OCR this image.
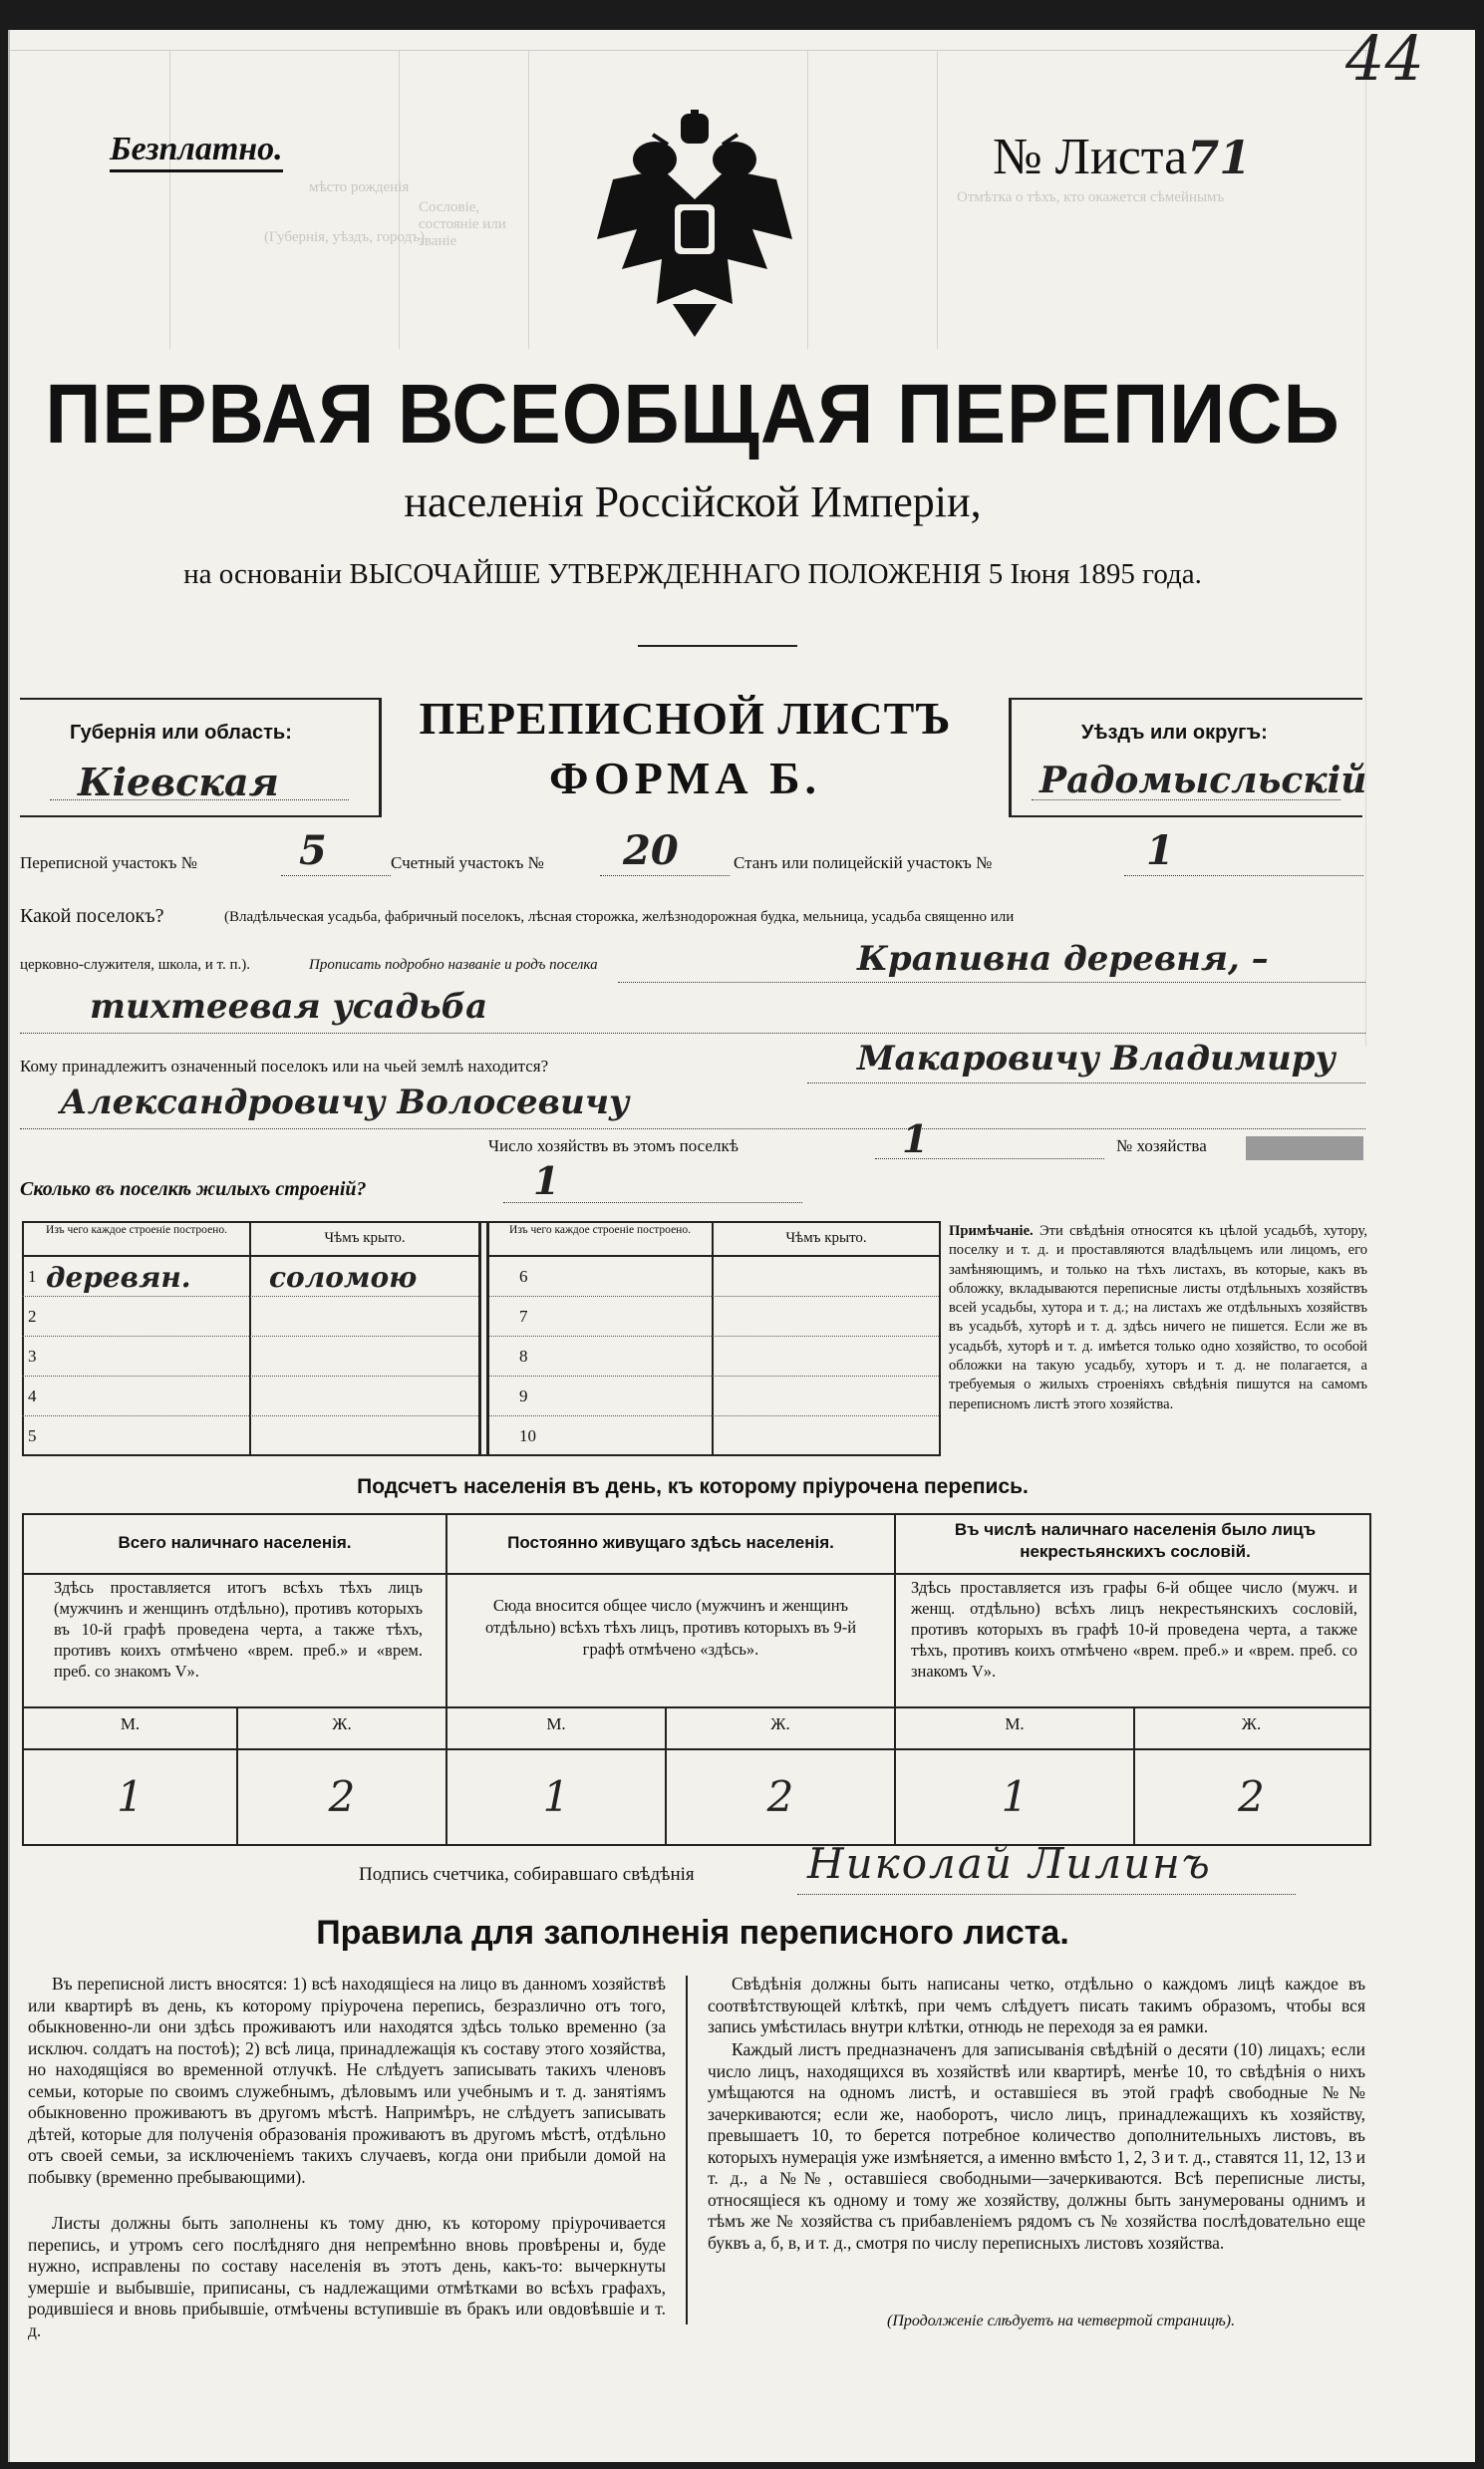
Отмѣтка о тѣхъ, кто окажется сѣмейнымъ
Сословіе, состояніе или званіе
мѣсто рожденія
(Губернія, уѣздъ, городъ)
44
Безплатно.	№ Листа71
ПЕРВАЯ ВСЕОБЩАЯ ПЕРЕПИСЬ
населенія Россійской Имперіи,
на основаніи ВЫСОЧАЙШЕ УТВЕРЖДЕННАГО ПОЛОЖЕНІЯ 5 Іюня 1895 года.
Губернія или область:
Кіевская
ПЕРЕПИСНОЙ ЛИСТЪ
ФОРМА Б.
Уѣздъ или округъ:
Радомысльскій
Переписной участокъ №	5	Счетный участокъ № 20	Станъ или полицейскій участокъ №	1
Какой поселокъ?	(Владѣльческая усадьба, фабричный поселокъ, лѣсная сторожка, желѣзнодорожная будка, мельница, усадьба священно или
церковно-служителя, школа, и т. п.).	Прописать подробно названіе и родъ поселка	Крапивна деревня, –
тихтеевая усадьба
Кому принадлежитъ означенный поселокъ или на чьей землѣ находится?	Макаровичу Владимиру
Александровичу Волосевичу
Число хозяйствъ въ этомъ поселкѣ	1	№ хозяйства
Сколько въ поселкѣ жилыхъ строеній?	1
Изъ чего каждое строеніе построено.	Чѣмъ крыто.	Изъ чего каждое строеніе построено.	Чѣмъ крыто.
1 деревян.	соломою
2
3
4
5
6
7
8
9
10
Примѣчаніе. Эти свѣдѣнія относятся къ цѣлой усадьбѣ, хутору, поселку и т. д. и проставляются владѣльцемъ или лицомъ, его замѣняющимъ, и только на тѣхъ листахъ, въ которые, какъ въ обложку, вкладываются переписные листы отдѣльныхъ хозяйствъ всей усадьбы, хутора и т. д.; на листахъ же отдѣльныхъ хозяйствъ въ усадьбѣ, хуторѣ и т. д. здѣсь ничего не пишется. Если же въ усадьбѣ, хуторѣ и т. д. имѣется только одно хозяйство, то особой обложки на такую усадьбу, хуторъ и т. д. не полагается, а требуемыя о жилыхъ строеніяхъ свѣдѣнія пишутся на самомъ переписномъ листѣ этого хозяйства.
Подсчетъ населенія въ день, къ которому пріурочена перепись.
Всего наличнаго населенія.
Здѣсь проставляется итогъ всѣхъ тѣхъ лицъ (мужчинъ и женщинъ отдѣльно), противъ которыхъ въ 10-й графѣ проведена черта, а также тѣхъ, противъ коихъ отмѣчено «врем. преб.» и «врем. преб. со знакомъ V».
М.	Ж.
1	2
Постоянно живущаго здѣсь населенія.
Сюда вносится общее число (мужчинъ и женщинъ отдѣльно) всѣхъ тѣхъ лицъ, противъ которыхъ въ 9-й графѣ отмѣчено «здѣсь».
М.	Ж.
1	2
Въ числѣ наличнаго населенія было лицъ некрестьянскихъ сословій.
Здѣсь проставляется изъ графы 6-й общее число (мужч. и женщ. отдѣльно) всѣхъ лицъ некрестьянскихъ сословій, противъ которыхъ въ графѣ 10-й проведена черта, а также тѣхъ, противъ коихъ отмѣчено «врем. преб.» и «врем. преб. со знакомъ V».
М.	Ж.
1	2
Подпись счетчика, собиравшаго свѣдѣнія	Николай Лилинъ
Правила для заполненія переписного листа.
Въ переписной листъ вносятся: 1) всѣ находящіеся на лицо въ данномъ хозяйствѣ или квартирѣ въ день, къ которому пріурочена перепись, безразлично отъ того, обыкновенно-ли они здѣсь проживаютъ или находятся здѣсь только временно (за исключ. солдатъ на постоѣ); 2) всѣ лица, принадлежащія къ составу этого хозяйства, но находящіяся во временной отлучкѣ. Не слѣдуетъ записывать такихъ членовъ семьи, которые по своимъ служебнымъ, дѣловымъ или учебнымъ и т. д. занятіямъ обыкновенно проживаютъ въ другомъ мѣстѣ. Напримѣръ, не слѣдуетъ записывать дѣтей, которые для полученія образованія проживаютъ въ другомъ мѣстѣ, отдѣльно отъ своей семьи, за исключеніемъ такихъ случаевъ, когда они прибыли домой на побывку (временно пребывающими).
Листы должны быть заполнены къ тому дню, къ которому пріурочивается перепись, и утромъ сего послѣдняго дня непремѣнно вновь провѣрены и, буде нужно, исправлены по составу населенія въ этотъ день, какъ-то: вычеркнуты умершіе и выбывшіе, приписаны, съ надлежащими отмѣтками во всѣхъ графахъ, родившіеся и вновь прибывшіе, отмѣчены вступившіе въ бракъ или овдовѣвшіе и т. д.
Свѣдѣнія должны быть написаны четко, отдѣльно о каждомъ лицѣ каждое въ соотвѣтствующей клѣткѣ, при чемъ слѣдуетъ писать такимъ образомъ, чтобы вся запись умѣстилась внутри клѣтки, отнюдь не переходя за ея рамки.
Каждый листъ предназначенъ для записыванія свѣдѣній о десяти (10) лицахъ; если число лицъ, находящихся въ хозяйствѣ или квартирѣ, менѣе 10, то свѣдѣнія о нихъ умѣщаются на одномъ листѣ, и оставшіеся въ этой графѣ свободные №№ зачеркиваются; если же, наоборотъ, число лицъ, принадлежащихъ къ хозяйству, превышаетъ 10, то берется потребное количество дополнительныхъ листовъ, въ которыхъ нумерація уже измѣняется, а именно вмѣсто 1, 2, 3 и т. д., ставятся 11, 12, 13 и т. д., а №№, оставшіеся свободными—зачеркиваются. Всѣ переписные листы, относящіеся къ одному и тому же хозяйству, должны быть занумерованы однимъ и тѣмъ же № хозяйства съ прибавленіемъ рядомъ съ № хозяйства послѣдовательно еще буквъ а, б, в, и т. д., смотря по числу переписныхъ листовъ хозяйства.
(Продолженіе слѣдуетъ на четвертой страницѣ).
